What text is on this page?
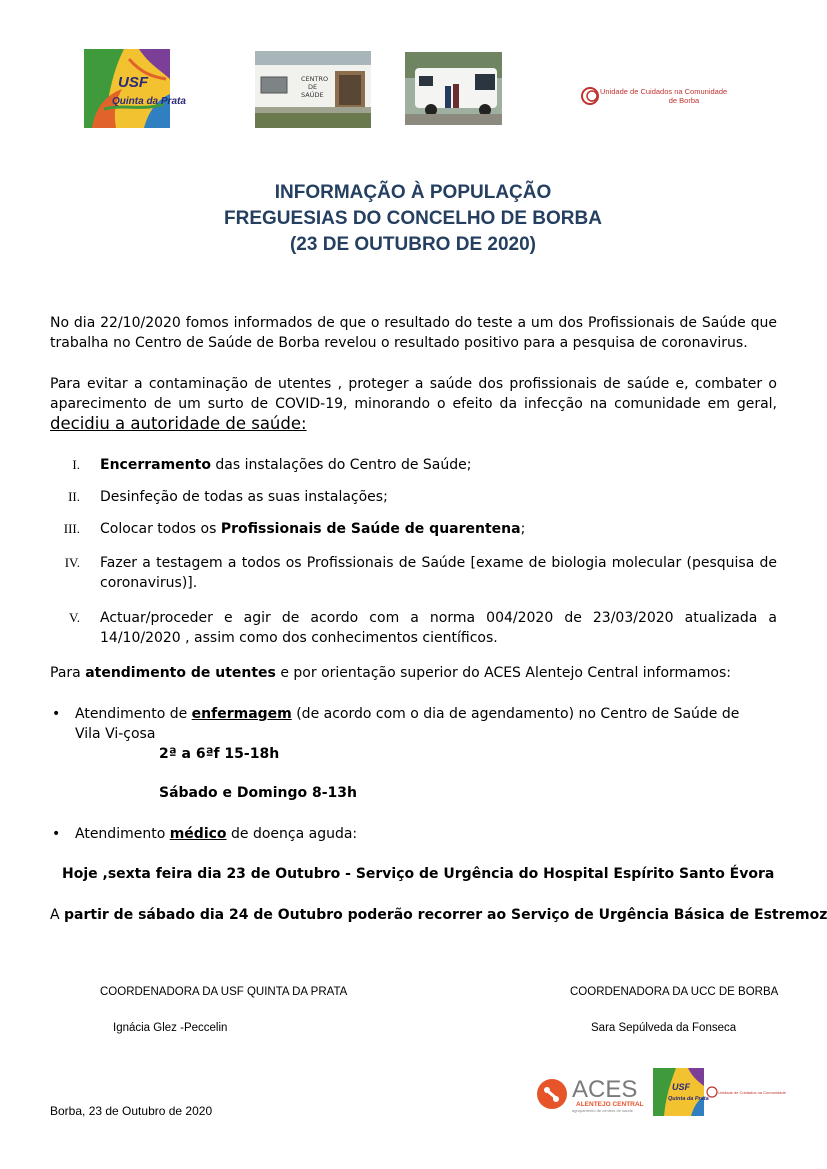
USF
Quinta da Prata
CENTRO
DE
SAÚDE	Unidade de Cuidados na Comunidade
de Borba
INFORMAÇÃO À POPULAÇÃO
FREGUESIAS DO CONCELHO DE BORBA
(23 DE OUTUBRO DE 2020)
No dia 22/10/2020 fomos informados de que o resultado do teste a um dos Profissionais de Saúde que trabalha no Centro de Saúde de Borba revelou o resultado positivo para a pesquisa de coronavirus.
Para evitar a contaminação de utentes , proteger a saúde dos profissionais de saúde e, combater o aparecimento de um surto de COVID-19, minorando o efeito da infecção na comunidade em geral, decidiu a autoridade de saúde:
I. Encerramento das instalações do Centro de Saúde;
II. Desinfeção de todas as suas instalações;
III. Colocar todos os Profissionais de Saúde de quarentena;
IV. Fazer a testagem a todos os Profissionais de Saúde [exame de biologia molecular (pesquisa de coronavirus)].
V. Actuar/proceder e agir de acordo com a norma 004/2020 de 23/03/2020 atualizada a 14/10/2020 , assim como dos conhecimentos científicos.
Para atendimento de utentes e por orientação superior do ACES Alentejo Central informamos:
• Atendimento de enfermagem (de acordo com o dia de agendamento) no Centro de Saúde de Vila Vi-çosa
2ª a 6ªf 15-18h
Sábado e Domingo 8-13h
• Atendimento médico de doença aguda:
Hoje ,sexta feira dia 23 de Outubro - Serviço de Urgência do Hospital Espírito Santo Évora
A partir de sábado dia 24 de Outubro poderão recorrer ao Serviço de Urgência Básica de Estremoz
COORDENADORA DA USF QUINTA DA PRATA
Ignácia Glez -Peccelin
COORDENADORA DA UCC DE BORBA
Sara Sepúlveda da Fonseca
ACES
ALENTEJO CENTRAL
agrupamento de centros de saúde
USF
Quinta da Prata
Unidade de Cuidados na Comunidade
Borba, 23 de Outubro de 2020
